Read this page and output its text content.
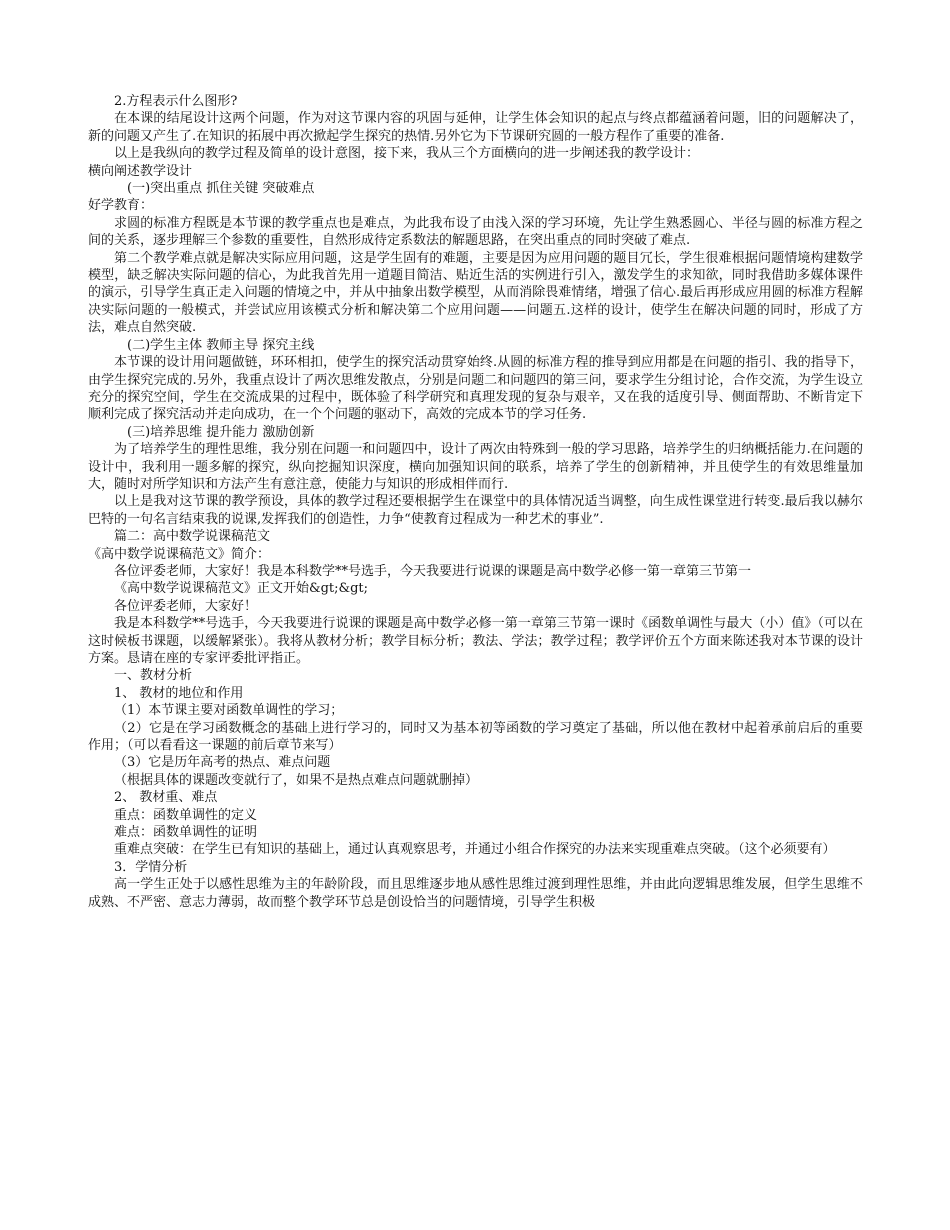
2.方程表示什么图形?

在本课的结尾设计这两个问题，作为对这节课内容的巩固与延伸，让学生体会知识的起点与终点都蕴涵着问题，旧的问题解决了，新的问题又产生了.在知识的拓展中再次掀起学生探究的热情.另外它为下节课研究圆的一般方程作了重要的准备.

以上是我纵向的教学过程及简单的设计意图，接下来，我从三个方面横向的进一步阐述我的教学设计：

横向阐述教学设计

(一)突出重点 抓住关键 突破难点

好学教育：

求圆的标准方程既是本节课的教学重点也是难点，为此我布设了由浅入深的学习环境，先让学生熟悉圆心、半径与圆的标准方程之间的关系，逐步理解三个参数的重要性，自然形成待定系数法的解题思路，在突出重点的同时突破了难点.

第二个教学难点就是解决实际应用问题，这是学生固有的难题，主要是因为应用问题的题目冗长，学生很难根据问题情境构建数学模型，缺乏解决实际问题的信心，为此我首先用一道题目简洁、贴近生活的实例进行引入，激发学生的求知欲，同时我借助多媒体课件的演示，引导学生真正走入问题的情境之中，并从中抽象出数学模型，从而消除畏难情绪，增强了信心.最后再形成应用圆的标准方程解决实际问题的一般模式，并尝试应用该模式分析和解决第二个应用问题——问题五.这样的设计，使学生在解决问题的同时，形成了方法，难点自然突破.

(二)学生主体 教师主导 探究主线

本节课的设计用问题做链，环环相扣，使学生的探究活动贯穿始终.从圆的标准方程的推导到应用都是在问题的指引、我的指导下，由学生探究完成的.另外，我重点设计了两次思维发散点，分别是问题二和问题四的第三问，要求学生分组讨论，合作交流，为学生设立充分的探究空间，学生在交流成果的过程中，既体验了科学研究和真理发现的复杂与艰辛，又在我的适度引导、侧面帮助、不断肯定下顺利完成了探究活动并走向成功，在一个个问题的驱动下，高效的完成本节的学习任务.

(三)培养思维 提升能力 激励创新

为了培养学生的理性思维，我分别在问题一和问题四中，设计了两次由特殊到一般的学习思路，培养学生的归纳概括能力.在问题的设计中，我利用一题多解的探究，纵向挖掘知识深度，横向加强知识间的联系，培养了学生的创新精神，并且使学生的有效思维量加大，随时对所学知识和方法产生有意注意，使能力与知识的形成相伴而行.

以上是我对这节课的教学预设，具体的教学过程还要根据学生在课堂中的具体情况适当调整，向生成性课堂进行转变.最后我以赫尔巴特的一句名言结束我的说课,发挥我们的创造性，力争“使教育过程成为一种艺术的事业”.

篇二：高中数学说课稿范文

《高中数学说课稿范文》简介：

各位评委老师，大家好！我是本科数学**号选手，今天我要进行说课的课题是高中数学必修一第一章第三节第一

《高中数学说课稿范文》正文开始&gt;&gt;

各位评委老师，大家好！

我是本科数学**号选手，今天我要进行说课的课题是高中数学必修一第一章第三节第一课时《函数单调性与最大（小）值》（可以在这时候板书课题，以缓解紧张）。我将从教材分析；教学目标分析；教法、学法；教学过程；教学评价五个方面来陈述我对本节课的设计方案。恳请在座的专家评委批评指正。

一、教材分析

1、 教材的地位和作用

（1）本节课主要对函数单调性的学习；

（2）它是在学习函数概念的基础上进行学习的，同时又为基本初等函数的学习奠定了基础，所以他在教材中起着承前启后的重要作用；（可以看看这一课题的前后章节来写）

（3）它是历年高考的热点、难点问题

（根据具体的课题改变就行了，如果不是热点难点问题就删掉）

2、 教材重、难点

重点：函数单调性的定义

难点：函数单调性的证明

重难点突破：在学生已有知识的基础上，通过认真观察思考，并通过小组合作探究的办法来实现重难点突破。（这个必须要有）

3．学情分析

高一学生正处于以感性思维为主的年龄阶段，而且思维逐步地从感性思维过渡到理性思维，并由此向逻辑思维发展，但学生思维不成熟、不严密、意志力薄弱，故而整个教学环节总是创设恰当的问题情境，引导学生积极
